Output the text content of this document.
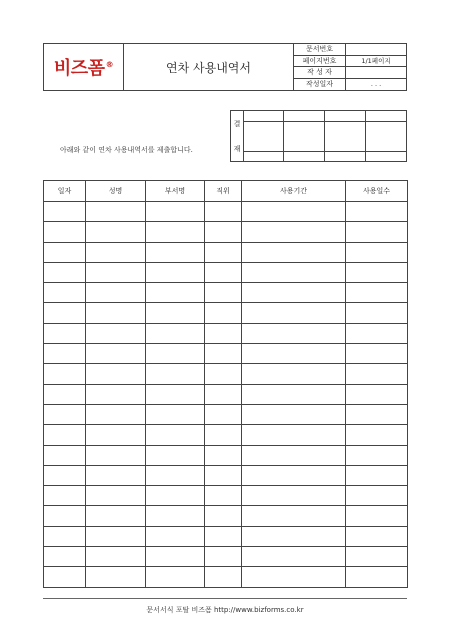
비즈폼®	연차 사용내역서
문서번호
페이지번호	1/1페이지
작 성 자
작성일자	. . .
아래와 같이 연차 사용내역서를 제출합니다.
결
재
일자	성명	부서명	직위	사용기간	사용일수

문서서식 포탈 비즈폼 http://www.bizforms.co.kr
